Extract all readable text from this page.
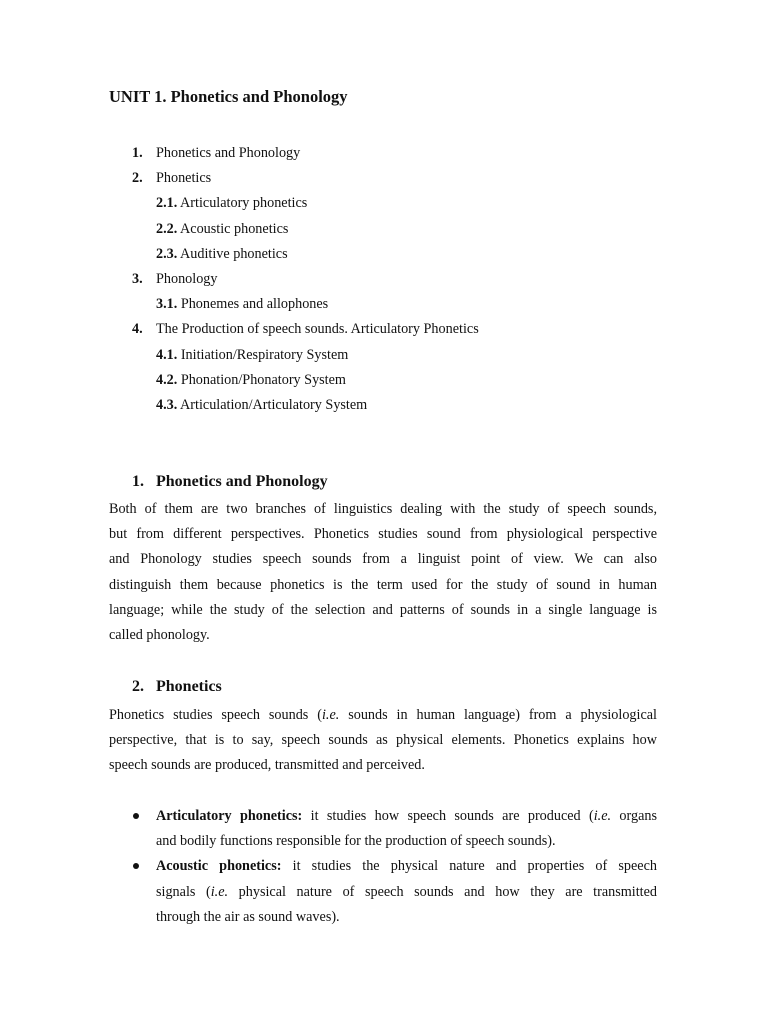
UNIT 1. Phonetics and Phonology
1. Phonetics and Phonology
2. Phonetics
2.1. Articulatory phonetics
2.2. Acoustic phonetics
2.3. Auditive phonetics
3. Phonology
3.1. Phonemes and allophones
4. The Production of speech sounds. Articulatory Phonetics
4.1. Initiation/Respiratory System
4.2. Phonation/Phonatory System
4.3. Articulation/Articulatory System
1. Phonetics and Phonology
Both of them are two branches of linguistics dealing with the study of speech sounds,
but from different perspectives. Phonetics studies sound from physiological perspective
and Phonology studies speech sounds from a linguist point of view. We can also
distinguish them because phonetics is the term used for the study of sound in human
language; while the study of the selection and patterns of sounds in a single language is
called phonology.
2. Phonetics
Phonetics studies speech sounds (i.e. sounds in human language) from a physiological
perspective, that is to say, speech sounds as physical elements. Phonetics explains how
speech sounds are produced, transmitted and perceived.
Articulatory phonetics: it studies how speech sounds are produced (i.e. organs
and bodily functions responsible for the production of speech sounds).
Acoustic phonetics: it studies the physical nature and properties of speech
signals (i.e. physical nature of speech sounds and how they are transmitted
through the air as sound waves).
